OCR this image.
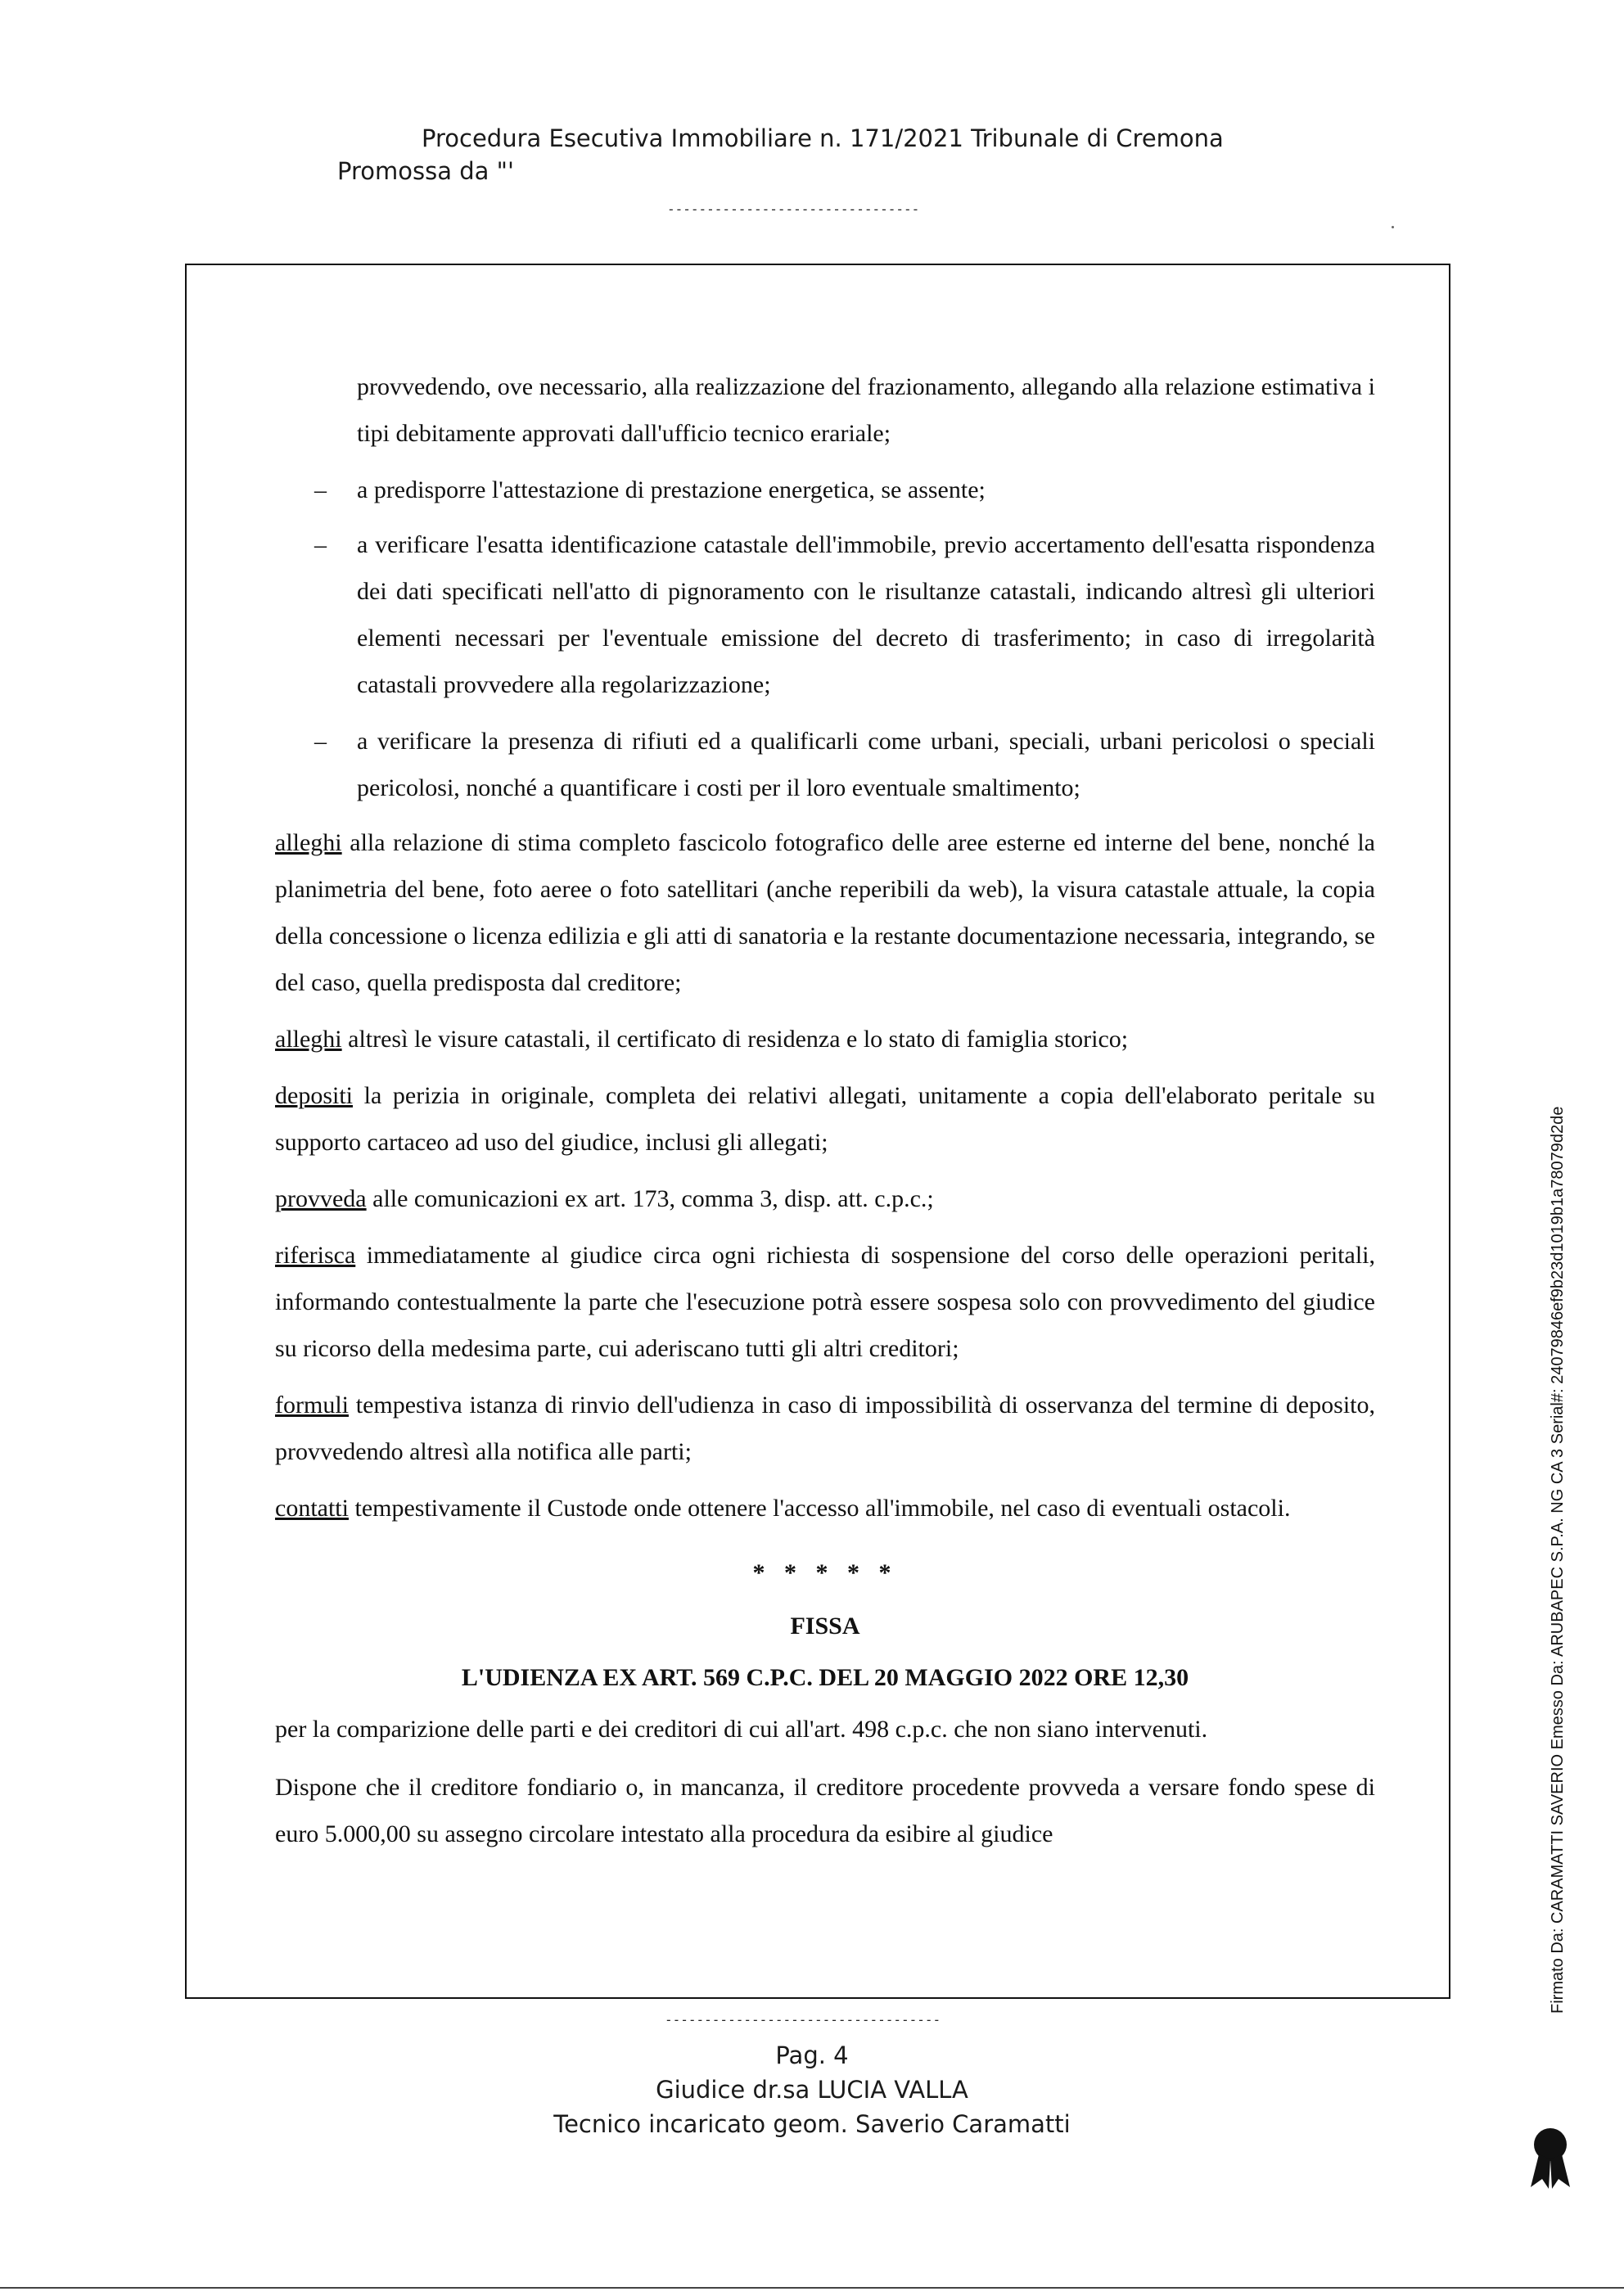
Procedura Esecutiva Immobiliare n. 171/2021 Tribunale di Cremona
Promossa da "'
--------------------------------

provvedendo, ove necessario, alla realizzazione del frazionamento, allegando alla relazione estimativa i tipi debitamente approvati dall'ufficio tecnico erariale;

– a predisporre l'attestazione di prestazione energetica, se assente;

– a verificare l'esatta identificazione catastale dell'immobile, previo accertamento dell'esatta rispondenza dei dati specificati nell'atto di pignoramento con le risultanze catastali, indicando altresì gli ulteriori elementi necessari per l'eventuale emissione del decreto di trasferimento; in caso di irregolarità catastali provvedere alla regolarizzazione;

– a verificare la presenza di rifiuti ed a qualificarli come urbani, speciali, urbani pericolosi o speciali pericolosi, nonché a quantificare i costi per il loro eventuale smaltimento;

alleghi alla relazione di stima completo fascicolo fotografico delle aree esterne ed interne del bene, nonché la planimetria del bene, foto aeree o foto satellitari (anche reperibili da web), la visura catastale attuale, la copia della concessione o licenza edilizia e gli atti di sanatoria e la restante documentazione necessaria, integrando, se del caso, quella predisposta dal creditore;

alleghi altresì le visure catastali, il certificato di residenza e lo stato di famiglia storico;

depositi la perizia in originale, completa dei relativi allegati, unitamente a copia dell'elaborato peritale su supporto cartaceo ad uso del giudice, inclusi gli allegati;

provveda alle comunicazioni ex art. 173, comma 3, disp. att. c.p.c.;

riferisca immediatamente al giudice circa ogni richiesta di sospensione del corso delle operazioni peritali, informando contestualmente la parte che l'esecuzione potrà essere sospesa solo con provvedimento del giudice su ricorso della medesima parte, cui aderiscano tutti gli altri creditori;

formuli tempestiva istanza di rinvio dell'udienza in caso di impossibilità di osservanza del termine di deposito, provvedendo altresì alla notifica alle parti;

contatti tempestivamente il Custode onde ottenere l'accesso all'immobile, nel caso di eventuali ostacoli.

* * * * *

FISSA

L'UDIENZA EX ART. 569 C.P.C. DEL 20 MAGGIO 2022 ORE 12,30

per la comparizione delle parti e dei creditori di cui all'art. 498 c.p.c. che non siano intervenuti.

Dispone che il creditore fondiario o, in mancanza, il creditore procedente provveda a versare fondo spese di euro 5.000,00 su assegno circolare intestato alla procedura da esibire al giudice

-----------------------------------
Pag. 4
Giudice dr.sa LUCIA VALLA
Tecnico incaricato geom. Saverio Caramatti
Firmato Da: CARAMATTI SAVERIO Emesso Da: ARUBAPEC S.P.A. NG CA 3 Serial#: 24079846ef9b23d1019b1a78079d2de
